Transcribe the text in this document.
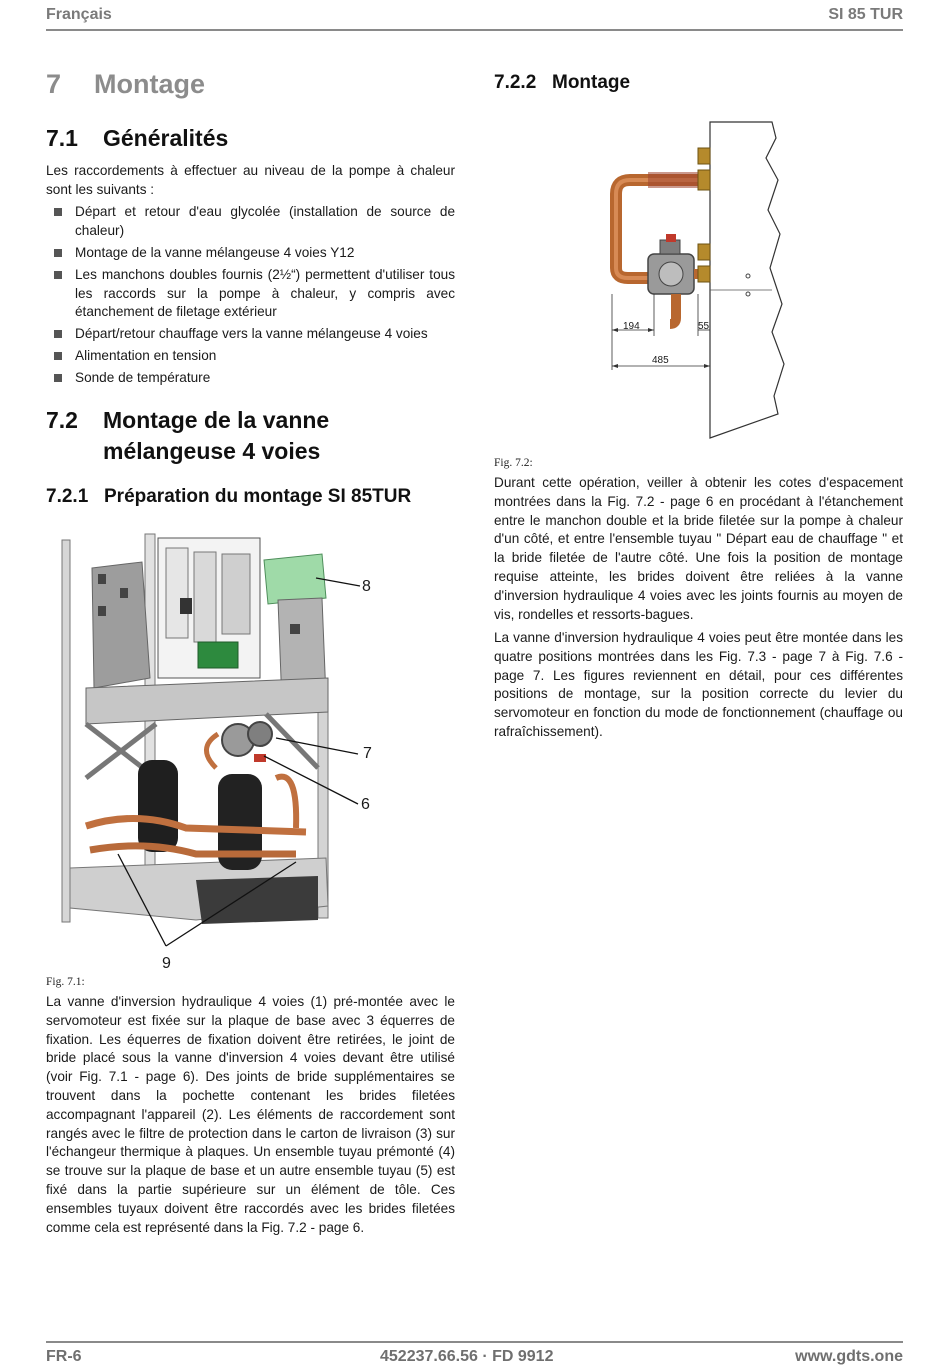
Français	SI 85 TUR
7 Montage
7.1 Généralités
Les raccordements à effectuer au niveau de la pompe à chaleur sont les suivants :
Départ et retour d'eau glycolée (installation de source de chaleur)
Montage de la vanne mélangeuse 4 voies Y12
Les manchons doubles fournis (2½“) permettent d'utiliser tous les raccords sur la pompe à chaleur, y compris avec étanchement de filetage extérieur
Départ/retour chauffage vers la vanne mélangeuse 4 voies
Alimentation en tension
Sonde de température
7.2 Montage de la vanne
mélangeuse 4 voies
7.2.1 Préparation du montage SI 85TUR
8
7
6
9
Fig. 7.1:
La vanne d'inversion hydraulique 4 voies (1) pré-montée avec le servomoteur est fixée sur la plaque de base avec 3 équerres de fixation. Les équerres de fixation doivent être retirées, le joint de bride placé sous la vanne d'inversion 4 voies devant être utilisé (voir Fig. 7.1 - page 6). Des joints de bride supplémentaires se trouvent dans la pochette contenant les brides filetées accompagnant l'appareil (2). Les éléments de raccordement sont rangés avec le filtre de protection dans le carton de livraison (3) sur l'échangeur thermique à plaques. Un ensemble tuyau prémonté (4) se trouve sur la plaque de base et un autre ensemble tuyau (5) est fixé dans la partie supérieure sur un élément de tôle. Ces ensembles tuyaux doivent être raccordés avec les brides filetées comme cela est représenté dans la Fig. 7.2 - page 6.
7.2.2 Montage
194	55
485
Fig. 7.2:
Durant cette opération, veiller à obtenir les cotes d'espacement montrées dans la Fig. 7.2 - page 6 en procédant à l'étanchement entre le manchon double et la bride filetée sur la pompe à chaleur d'un côté, et entre l'ensemble tuyau " Départ eau de chauffage " et la bride filetée de l'autre côté. Une fois la position de montage requise atteinte, les brides doivent être reliées à la vanne d'inversion hydraulique 4 voies avec les joints fournis au moyen de vis, rondelles et ressorts-bagues.
La vanne d'inversion hydraulique 4 voies peut être montée dans les quatre positions montrées dans les Fig. 7.3 - page 7 à Fig. 7.6 - page 7. Les figures reviennent en détail, pour ces différentes positions de montage, sur la position correcte du levier du servomoteur en fonction du mode de fonctionnement (chauffage ou rafraîchissement).
FR-6	452237.66.56 · FD 9912	www.gdts.one
